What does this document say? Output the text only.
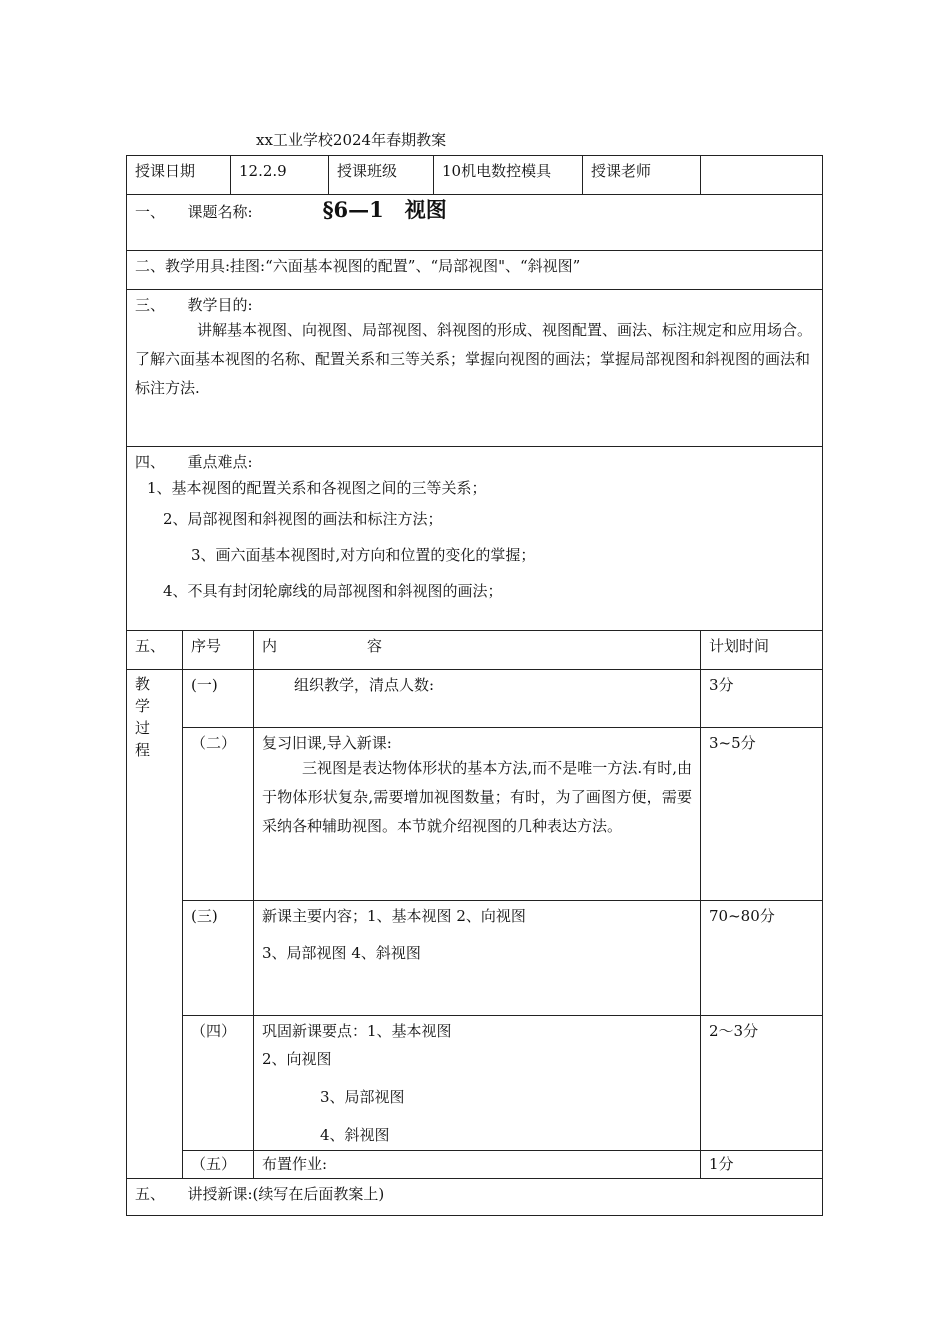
xx工业学校2024年春期教案
授课日期		12.2.9		授课班级	10机电数控模具	授课老师	
一、　　课题名称: §6—1　视图							
二、教学用具:挂图:“六面基本视图的配置”、“局部视图"、“斜视图”							

三、　　教学目的:

讲解基本视图、向视图、局部视图、斜视图的形成、视图配置、画法、标注规定和应用场合。了解六面基本视图的名称、配置关系和三等关系；掌握向视图的画法；掌握局部视图和斜视图的画法和标注方法.							

四、　　重点难点:

1、基本视图的配置关系和各视图之间的三等关系；

2、局部视图和斜视图的画法和标注方法；

3、画六面基本视图时,对方向和位置的变化的掌握；

4、不具有封闭轮廓线的局部视图和斜视图的画法；							

五、	序号		内　　　　　　容				计划时间

教
学
过
程	(一)		组织教学，清点人数:				3分
	（二）		复习旧课,导入新课:

三视图是表达物体形状的基本方法,而不是唯一方法.有时,由于物体形状复杂,需要增加视图数量；有时，为了画图方便，需要采纳各种辅助视图。本节就介绍视图的几种表达方法。				3~5分
	(三)		新课主要内容；1、基本视图 2、向视图

3、局部视图 4、斜视图				70~80分
	（四）		巩固新课要点：1、基本视图

2、向视图

3、局部视图

4、斜视图				2～3分
	（五）		布置作业:				1分
五、　　讲授新课:(续写在后面教案上)							
